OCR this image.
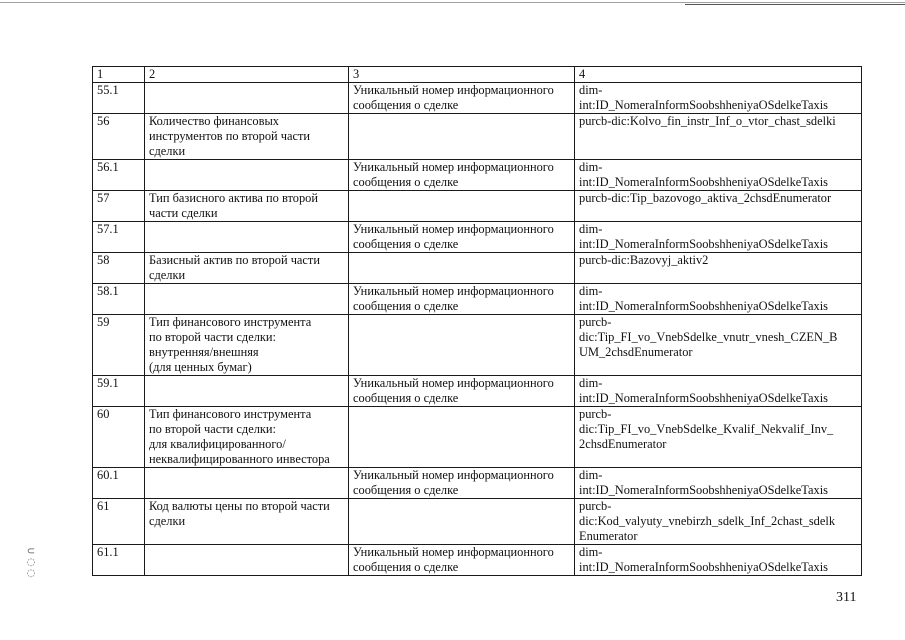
1	2	3	4
55.1		Уникальный номер информационного
сообщения о сделке	dim-
int:ID_NomeraInformSoobshheniyaOSdelkeTaxis
56	Количество финансовых
инструментов по второй части
сделки		purcb-dic:Kolvo_fin_instr_Inf_o_vtor_chast_sdelki
56.1		Уникальный номер информационного
сообщения о сделке	dim-
int:ID_NomeraInformSoobshheniyaOSdelkeTaxis
57	Тип базисного актива по второй
части сделки		purcb-dic:Tip_bazovogo_aktiva_2chsdEnumerator
57.1		Уникальный номер информационного
сообщения о сделке	dim-
int:ID_NomeraInformSoobshheniyaOSdelkeTaxis
58	Базисный актив по второй части
сделки		purcb-dic:Bazovyj_aktiv2
58.1		Уникальный номер информационного
сообщения о сделке	dim-
int:ID_NomeraInformSoobshheniyaOSdelkeTaxis
59	Тип финансового инструмента
по второй части сделки:
внутренняя/внешняя
(для ценных бумаг)		purcb-
dic:Tip_FI_vo_VnebSdelke_vnutr_vnesh_CZEN_B
UM_2chsdEnumerator
59.1		Уникальный номер информационного
сообщения о сделке	dim-
int:ID_NomeraInformSoobshheniyaOSdelkeTaxis
60	Тип финансового инструмента
по второй части сделки:
для квалифицированного/
неквалифицированного инвестора		purcb-
dic:Tip_FI_vo_VnebSdelke_Kvalif_Nekvalif_Inv_
2chsdEnumerator
60.1		Уникальный номер информационного
сообщения о сделке	dim-
int:ID_NomeraInformSoobshheniyaOSdelkeTaxis
61	Код валюты цены по второй части
сделки		purcb-
dic:Kod_valyuty_vnebirzh_sdelk_Inf_2chast_sdelk
Enumerator
61.1		Уникальный номер информационного
сообщения о сделке	dim-
int:ID_NomeraInformSoobshheniyaOSdelkeTaxis
⊂
◌
◌
311
